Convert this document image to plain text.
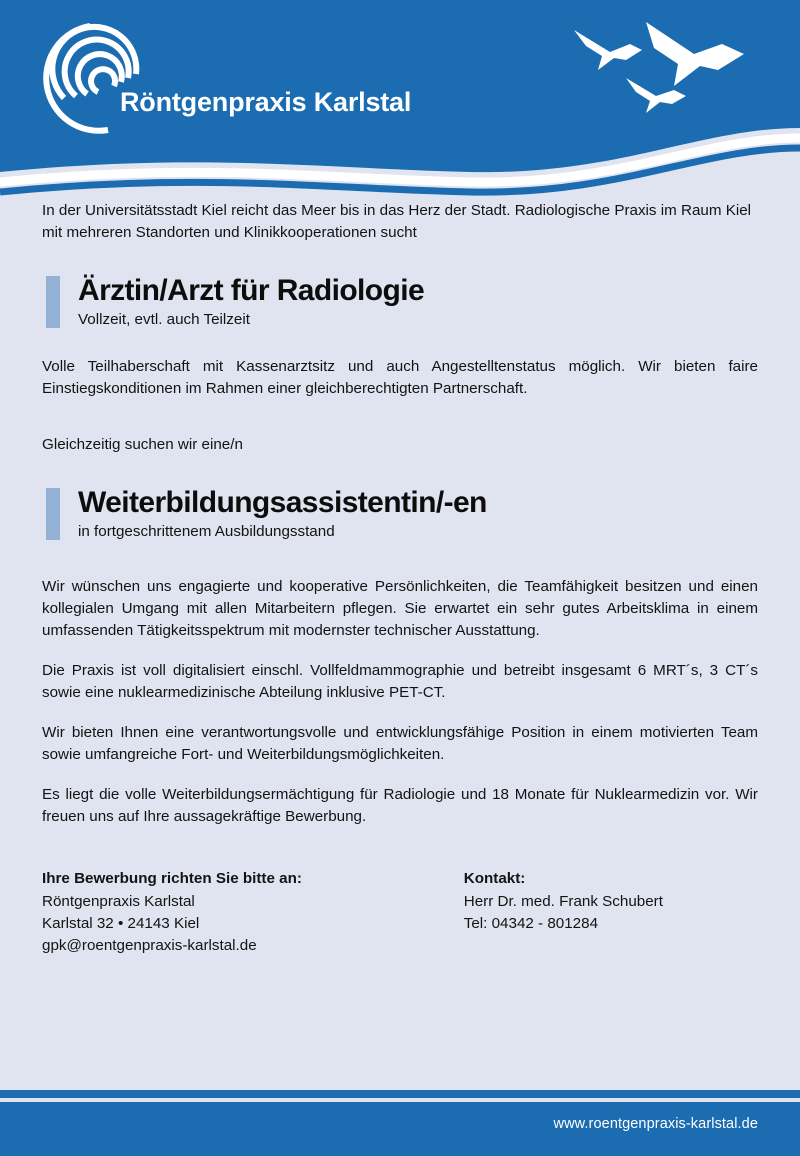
Röntgenpraxis Karlstal

In der Universitätsstadt Kiel reicht das Meer bis in das Herz der Stadt. Radiologische Praxis im Raum Kiel mit mehreren Standorten und Klinikkooperationen sucht

Ärztin/Arzt für Radiologie

Vollzeit, evtl. auch Teilzeit

Volle Teilhaberschaft mit Kassenarztsitz und auch Angestelltenstatus möglich. Wir bieten faire Einstiegskonditionen im Rahmen einer gleichberechtigten Partnerschaft.

Gleichzeitig suchen wir eine/n

Weiterbildungsassistentin/-en

in fortgeschrittenem Ausbildungsstand

Wir wünschen uns engagierte und kooperative Persönlichkeiten, die Teamfähigkeit besitzen und einen kollegialen Umgang mit allen Mitarbeitern pflegen. Sie erwartet ein sehr gutes Arbeitsklima in einem umfassenden Tätigkeitsspektrum mit modernster technischer Ausstattung.

Die Praxis ist voll digitalisiert einschl. Vollfeldmammographie und betreibt insgesamt 6 MRT´s, 3 CT´s sowie eine nuklearmedizinische Abteilung inklusive PET-CT.

Wir bieten Ihnen eine verantwortungsvolle und entwicklungsfähige Position in einem motivierten Team sowie umfangreiche Fort- und Weiterbildungsmöglichkeiten.

Es liegt die volle Weiterbildungsermächtigung für Radiologie und 18 Monate für Nuklearmedizin vor. Wir freuen uns auf Ihre aussagekräftige Bewerbung.

Ihre Bewerbung richten Sie bitte an:
Röntgenpraxis Karlstal
Karlstal 32 • 24143 Kiel
gpk@roentgenpraxis-karlstal.de
Kontakt:
Herr Dr. med. Frank Schubert
Tel: 04342 - 801284
www.roentgenpraxis-karlstal.de
